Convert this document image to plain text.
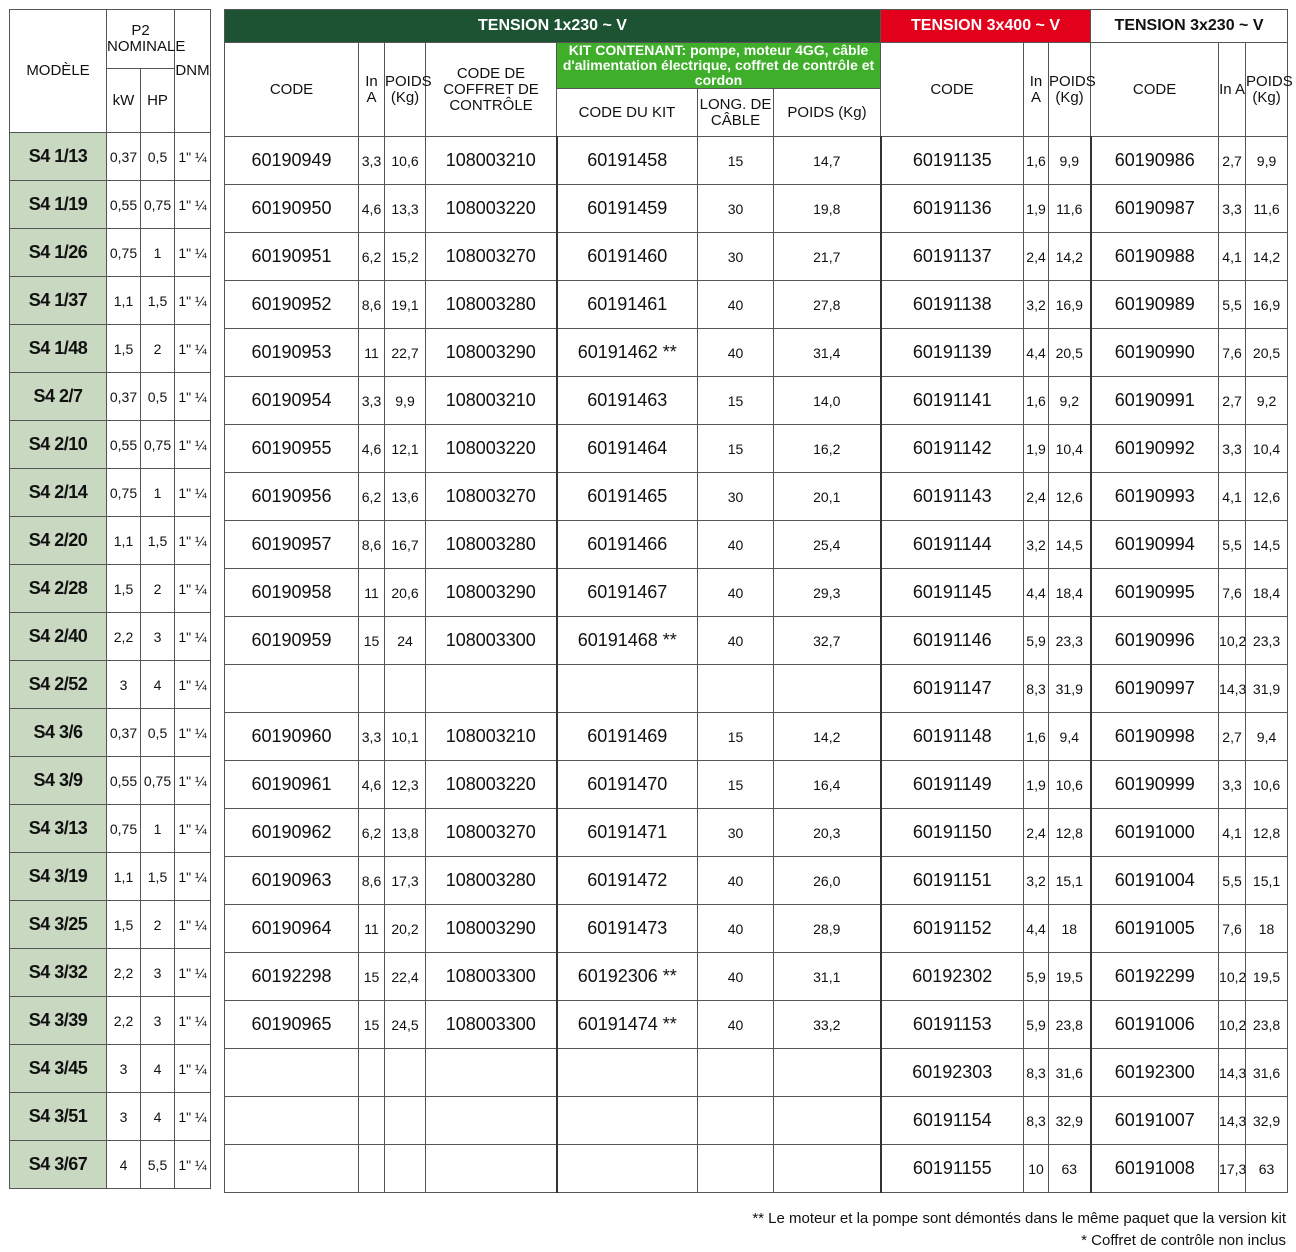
MODÈLE	P2 NOMINALE		DNM
	kW	HP	
S4 1/13	0,37	0,5	1" ¼
S4 1/19	0,55	0,75	1" ¼
S4 1/26	0,75	1	1" ¼
S4 1/37	1,1	1,5	1" ¼
S4 1/48	1,5	2	1" ¼
S4 2/7	0,37	0,5	1" ¼
S4 2/10	0,55	0,75	1" ¼
S4 2/14	0,75	1	1" ¼
S4 2/20	1,1	1,5	1" ¼
S4 2/28	1,5	2	1" ¼
S4 2/40	2,2	3	1" ¼
S4 2/52	3	4	1" ¼
S4 3/6	0,37	0,5	1" ¼
S4 3/9	0,55	0,75	1" ¼
S4 3/13	0,75	1	1" ¼
S4 3/19	1,1	1,5	1" ¼
S4 3/25	1,5	2	1" ¼
S4 3/32	2,2	3	1" ¼
S4 3/39	2,2	3	1" ¼
S4 3/45	3	4	1" ¼
S4 3/51	3	4	1" ¼
S4 3/67	4	5,5	1" ¼
TENSION 1x230 ~ V							TENSION 3x400 ~ V			TENSION 3x230 ~ V		
CODE	In A	POIDS (Kg)	CODE DE COFFRET DE CONTRÔLE	KIT CONTENANT: pompe, moteur 4GG, câble d'alimentation électrique, coffret de contrôle et cordon			CODE	In A	POIDS (Kg)	CODE	In A	POIDS (Kg)
				CODE DU KIT	LONG. DE CÂBLE	POIDS (Kg)						
60190949	3,3	10,6	108003210	60191458	15	14,7	60191135	1,6	9,9	60190986	2,7	9,9
60190950	4,6	13,3	108003220	60191459	30	19,8	60191136	1,9	11,6	60190987	3,3	11,6
60190951	6,2	15,2	108003270	60191460	30	21,7	60191137	2,4	14,2	60190988	4,1	14,2
60190952	8,6	19,1	108003280	60191461	40	27,8	60191138	3,2	16,9	60190989	5,5	16,9
60190953	11	22,7	108003290	60191462 **	40	31,4	60191139	4,4	20,5	60190990	7,6	20,5
60190954	3,3	9,9	108003210	60191463	15	14,0	60191141	1,6	9,2	60190991	2,7	9,2
60190955	4,6	12,1	108003220	60191464	15	16,2	60191142	1,9	10,4	60190992	3,3	10,4
60190956	6,2	13,6	108003270	60191465	30	20,1	60191143	2,4	12,6	60190993	4,1	12,6
60190957	8,6	16,7	108003280	60191466	40	25,4	60191144	3,2	14,5	60190994	5,5	14,5
60190958	11	20,6	108003290	60191467	40	29,3	60191145	4,4	18,4	60190995	7,6	18,4
60190959	15	24	108003300	60191468 **	40	32,7	60191146	5,9	23,3	60190996	10,2	23,3
							60191147	8,3	31,9	60190997	14,3	31,9
60190960	3,3	10,1	108003210	60191469	15	14,2	60191148	1,6	9,4	60190998	2,7	9,4
60190961	4,6	12,3	108003220	60191470	15	16,4	60191149	1,9	10,6	60190999	3,3	10,6
60190962	6,2	13,8	108003270	60191471	30	20,3	60191150	2,4	12,8	60191000	4,1	12,8
60190963	8,6	17,3	108003280	60191472	40	26,0	60191151	3,2	15,1	60191004	5,5	15,1
60190964	11	20,2	108003290	60191473	40	28,9	60191152	4,4	18	60191005	7,6	18
60192298	15	22,4	108003300	60192306 **	40	31,1	60192302	5,9	19,5	60192299	10,2	19,5
60190965	15	24,5	108003300	60191474 **	40	33,2	60191153	5,9	23,8	60191006	10,2	23,8
							60192303	8,3	31,6	60192300	14,3	31,6
							60191154	8,3	32,9	60191007	14,3	32,9
							60191155	10	63	60191008	17,3	63
** Le moteur et la pompe sont démontés dans le même paquet que la version kit
* Coffret de contrôle non inclus
